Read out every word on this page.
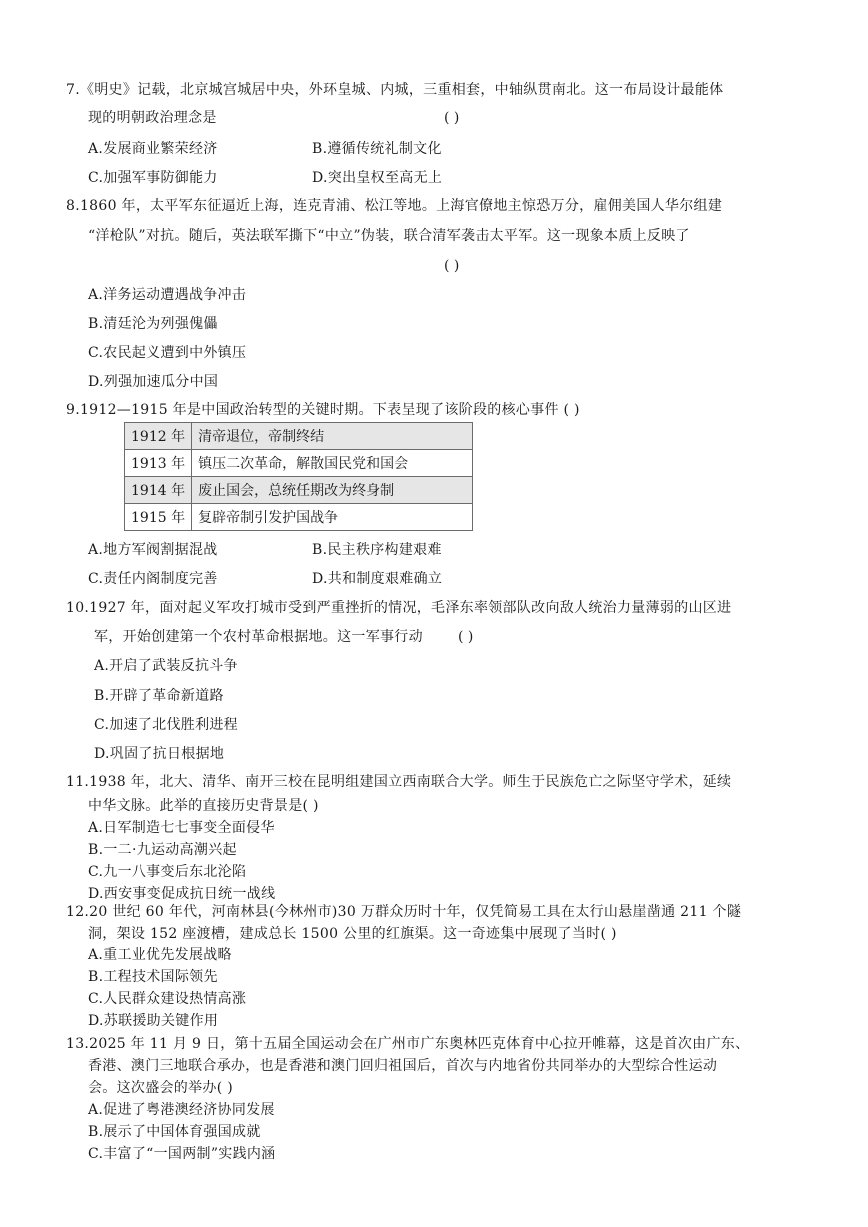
7.《明史》记载，北京城宫城居中央，外环皇城、内城，三重相套，中轴纵贯南北。这一布局设计最能体
现的明朝政治理念是	( )
A.发展商业繁荣经济	B.遵循传统礼制文化
C.加强军事防御能力	D.突出皇权至高无上
8.1860 年，太平军东征逼近上海，连克青浦、松江等地。上海官僚地主惊恐万分，雇佣美国人华尔组建
“洋枪队”对抗。随后，英法联军撕下“中立”伪装，联合清军袭击太平军。这一现象本质上反映了
( )
A.洋务运动遭遇战争冲击
B.清廷沦为列强傀儡
C.农民起义遭到中外镇压
D.列强加速瓜分中国
9.1912—1915 年是中国政治转型的关键时期。下表呈现了该阶段的核心事件 ( )
1912 年	清帝退位，帝制终结
1913 年	镇压二次革命，解散国民党和国会
1914 年	废止国会，总统任期改为终身制
1915 年	复辟帝制引发护国战争
A.地方军阀割据混战	B.民主秩序构建艰难
C.责任内阁制度完善	D.共和制度艰难确立
10.1927 年，面对起义军攻打城市受到严重挫折的情况，毛泽东率领部队改向敌人统治力量薄弱的山区进
军，开始创建第一个农村革命根据地。这一军事行动	( )
A.开启了武装反抗斗争
B.开辟了革命新道路
C.加速了北伐胜利进程
D.巩固了抗日根据地
11.1938 年，北大、清华、南开三校在昆明组建国立西南联合大学。师生于民族危亡之际坚守学术，延续
中华文脉。此举的直接历史背景是( )
A.日军制造七七事变全面侵华
B.一二·九运动高潮兴起
C.九一八事变后东北沦陷
D.西安事变促成抗日统一战线
12.20 世纪 60 年代，河南林县(今林州市)30 万群众历时十年，仅凭简易工具在太行山悬崖凿通 211 个隧
洞，架设 152 座渡槽，建成总长 1500 公里的红旗渠。这一奇迹集中展现了当时( )
A.重工业优先发展战略
B.工程技术国际领先
C.人民群众建设热情高涨
D.苏联援助关键作用
13.2025 年 11 月 9 日，第十五届全国运动会在广州市广东奥林匹克体育中心拉开帷幕，这是首次由广东、
香港、澳门三地联合承办，也是香港和澳门回归祖国后，首次与内地省份共同举办的大型综合性运动
会。这次盛会的举办( )
A.促进了粤港澳经济协同发展
B.展示了中国体育强国成就
C.丰富了“一国两制”实践内涵
